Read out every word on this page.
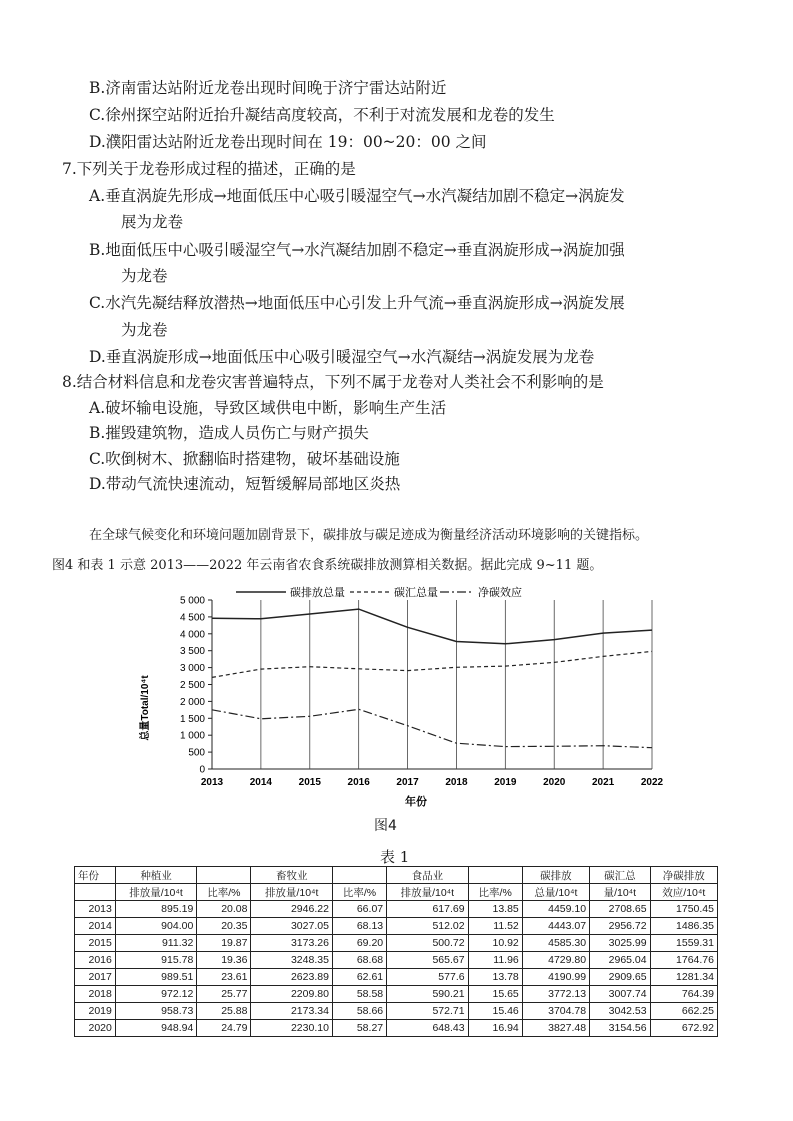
B.济南雷达站附近龙卷出现时间晚于济宁雷达站附近
C.徐州探空站附近抬升凝结高度较高，不利于对流发展和龙卷的发生
D.濮阳雷达站附近龙卷出现时间在 19：00~20：00 之间
7.下列关于龙卷形成过程的描述，正确的是
A.垂直涡旋先形成→地面低压中心吸引暖湿空气→水汽凝结加剧不稳定→涡旋发
展为龙卷
B.地面低压中心吸引暖湿空气→水汽凝结加剧不稳定→垂直涡旋形成→涡旋加强
为龙卷
C.水汽先凝结释放潜热→地面低压中心引发上升气流→垂直涡旋形成→涡旋发展
为龙卷
D.垂直涡旋形成→地面低压中心吸引暖湿空气→水汽凝结→涡旋发展为龙卷
8.结合材料信息和龙卷灾害普遍特点，下列不属于龙卷对人类社会不利影响的是
A.破坏输电设施，导致区域供电中断，影响生产生活
B.摧毁建筑物，造成人员伤亡与财产损失
C.吹倒树木、掀翻临时搭建物，破坏基础设施
D.带动气流快速流动，短暂缓解局部地区炎热
在全球气候变化和环境问题加剧背景下，碳排放与碳足迹成为衡量经济活动环境影响的关键指标。
图4 和表 1 示意 2013——2022 年云南省农食系统碳排放测算相关数据。据此完成 9~11 题。
碳排放总量	碳汇总量	净碳效应
0
500
1 000
1 500
2 000
2 500
3 000
3 500
4 000
4 500
5 000
2013	2014	2015	2016	2017	2018	2019	2020	2021	2022
总量Total/10⁴t
年份
图4
表 1
年份	种植业		畜牧业		食品业		碳排放	碳汇总	净碳排放
	排放量/10⁴t	比率/%	排放量/10⁴t	比率/%	排放量/10⁴t	比率/%	总量/10⁴t	量/10⁴t	效应/10⁴t
2013	895.19	20.08	2946.22	66.07	617.69	13.85	4459.10	2708.65	1750.45
2014	904.00	20.35	3027.05	68.13	512.02	11.52	4443.07	2956.72	1486.35
2015	911.32	19.87	3173.26	69.20	500.72	10.92	4585.30	3025.99	1559.31
2016	915.78	19.36	3248.35	68.68	565.67	11.96	4729.80	2965.04	1764.76
2017	989.51	23.61	2623.89	62.61	577.6	13.78	4190.99	2909.65	1281.34
2018	972.12	25.77	2209.80	58.58	590.21	15.65	3772.13	3007.74	764.39
2019	958.73	25.88	2173.34	58.66	572.71	15.46	3704.78	3042.53	662.25
2020	948.94	24.79	2230.10	58.27	648.43	16.94	3827.48	3154.56	672.92
